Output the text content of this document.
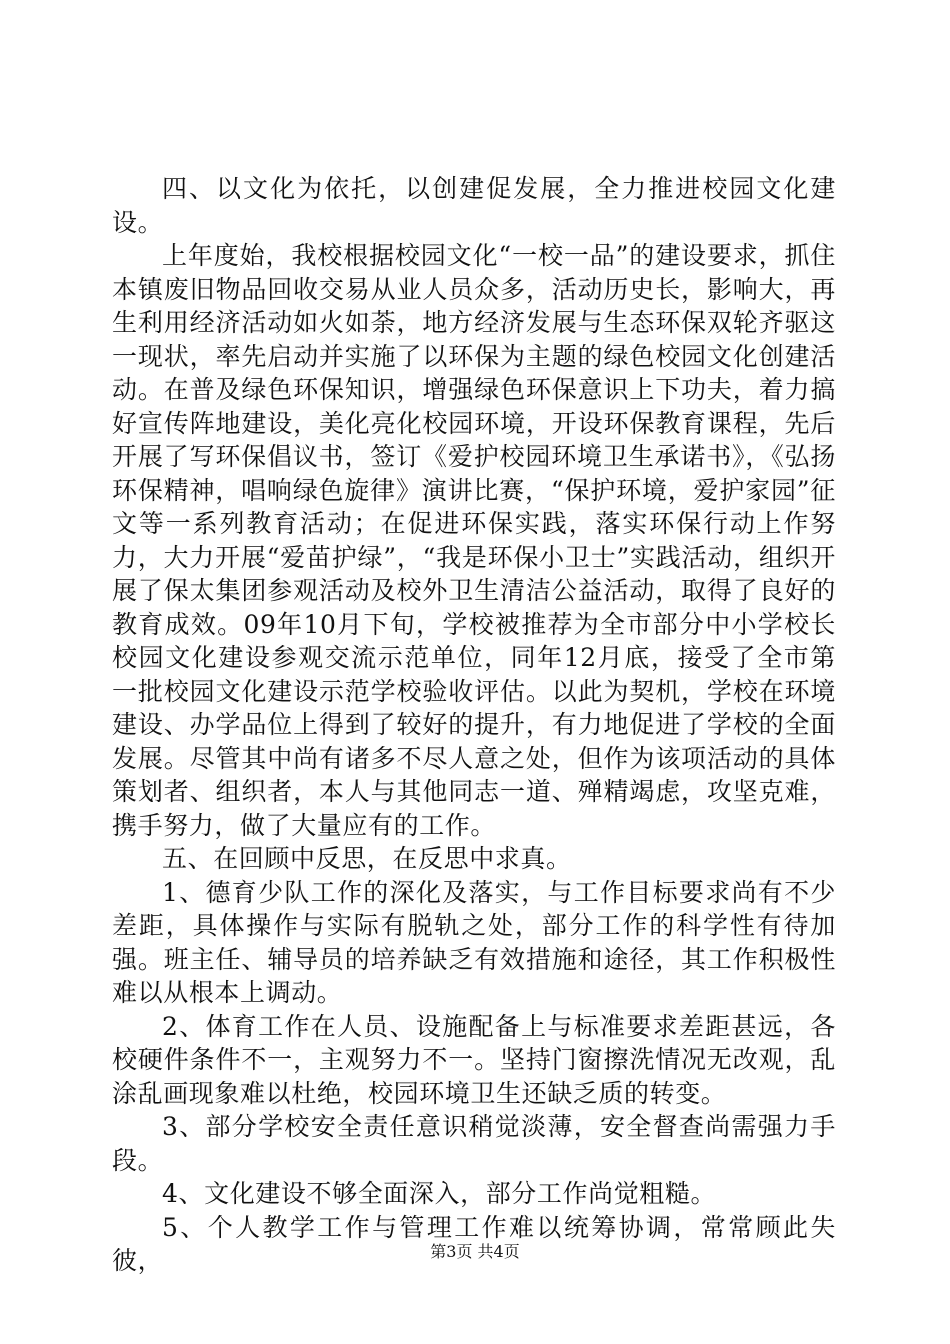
四、以文化为依托，以创建促发展，全力推进校园文化建设。

上年度始，我校根据校园文化“一校一品”的建设要求，抓住本镇废旧物品回收交易从业人员众多，活动历史长，影响大，再生利用经济活动如火如荼，地方经济发展与生态环保双轮齐驱这一现状，率先启动并实施了以环保为主题的绿色校园文化创建活动。在普及绿色环保知识，增强绿色环保意识上下功夫，着力搞好宣传阵地建设，美化亮化校园环境，开设环保教育课程，先后开展了写环保倡议书，签订《爱护校园环境卫生承诺书》，《弘扬环保精神，唱响绿色旋律》演讲比赛，“保护环境，爱护家园”征文等一系列教育活动；在促进环保实践，落实环保行动上作努力，大力开展“爱苗护绿”，“我是环保小卫士”实践活动，组织开展了保太集团参观活动及校外卫生清洁公益活动，取得了良好的教育成效。09年10月下旬，学校被推荐为全市部分中小学校长校园文化建设参观交流示范单位，同年12月底，接受了全市第一批校园文化建设示范学校验收评估。以此为契机，学校在环境建设、办学品位上得到了较好的提升，有力地促进了学校的全面发展。尽管其中尚有诸多不尽人意之处，但作为该项活动的具体策划者、组织者，本人与其他同志一道、殚精竭虑，攻坚克难，携手努力，做了大量应有的工作。

五、在回顾中反思，在反思中求真。

1、德育少队工作的深化及落实，与工作目标要求尚有不少差距，具体操作与实际有脱轨之处，部分工作的科学性有待加强。班主任、辅导员的培养缺乏有效措施和途径，其工作积极性难以从根本上调动。

2、体育工作在人员、设施配备上与标准要求差距甚远，各校硬件条件不一，主观努力不一。坚持门窗擦洗情况无改观，乱涂乱画现象难以杜绝，校园环境卫生还缺乏质的转变。

3、部分学校安全责任意识稍觉淡薄，安全督查尚需强力手段。

4、文化建设不够全面深入，部分工作尚觉粗糙。

5、个人教学工作与管理工作难以统筹协调，常常顾此失彼，	第3页 共4页
